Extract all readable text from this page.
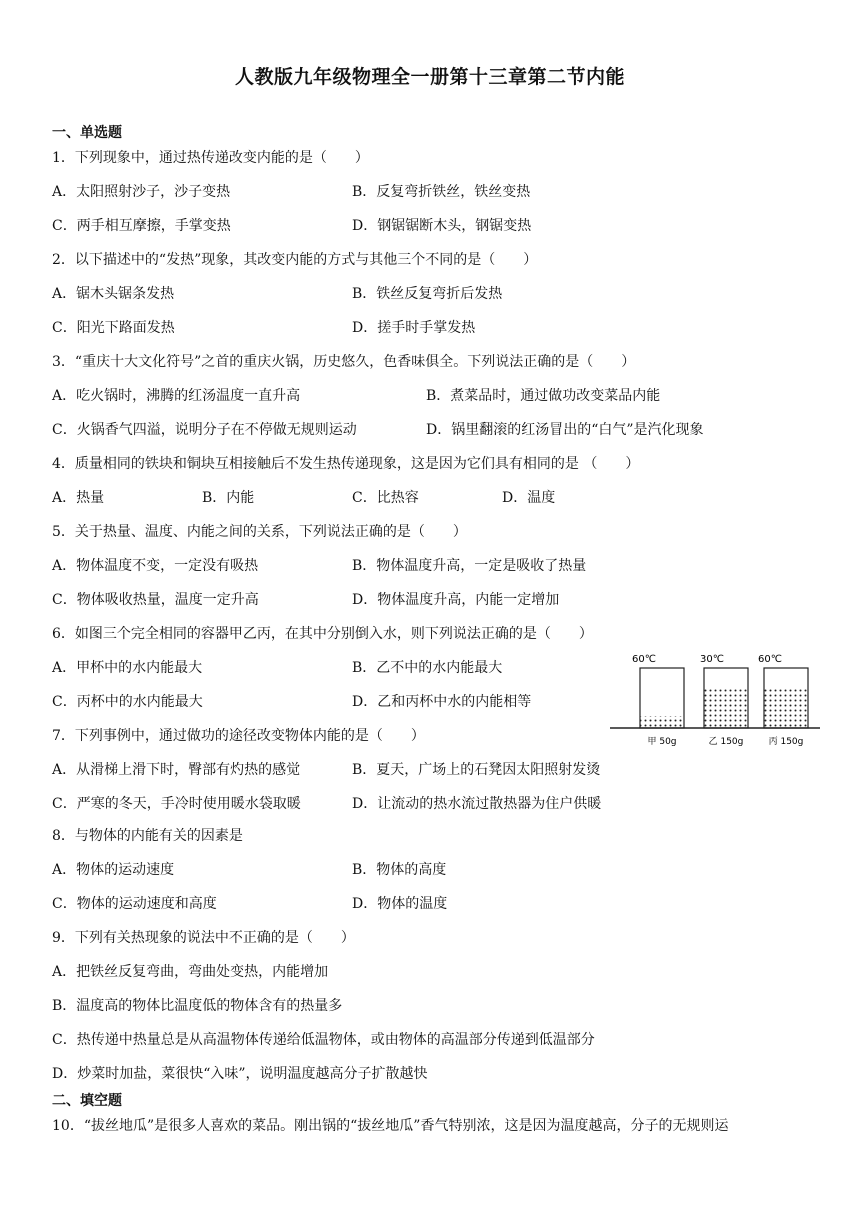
人教版九年级物理全一册第十三章第二节内能
一、单选题
1．下列现象中，通过热传递改变内能的是（　　）
A．太阳照射沙子，沙子变热	B．反复弯折铁丝，铁丝变热
C．两手相互摩擦，手掌变热	D．钢锯锯断木头，钢锯变热
2．以下描述中的“发热”现象，其改变内能的方式与其他三个不同的是（　　）
A．锯木头锯条发热	B．铁丝反复弯折后发热
C．阳光下路面发热	D．搓手时手掌发热
3．“重庆十大文化符号”之首的重庆火锅，历史悠久，色香味俱全。下列说法正确的是（　　）
A．吃火锅时，沸腾的红汤温度一直升高	B．煮菜品时，通过做功改变菜品内能
C．火锅香气四溢，说明分子在不停做无规则运动	D．锅里翻滚的红汤冒出的“白气”是汽化现象
4．质量相同的铁块和铜块互相接触后不发生热传递现象，这是因为它们具有相同的是 （　　）
A．热量	B．内能	C．比热容	D．温度
5．关于热量、温度、内能之间的关系，下列说法正确的是（　　）
A．物体温度不变，一定没有吸热	B．物体温度升高，一定是吸收了热量
C．物体吸收热量，温度一定升高	D．物体温度升高，内能一定增加
6．如图三个完全相同的容器甲乙丙，在其中分别倒入水，则下列说法正确的是（　　）
A．甲杯中的水内能最大	B．乙不中的水内能最大
C．丙杯中的水内能最大	D．乙和丙杯中水的内能相等
60℃
甲 50g
30℃
乙 150g
60℃
丙 150g
7．下列事例中，通过做功的途径改变物体内能的是（　　）
A．从滑梯上滑下时，臀部有灼热的感觉	B．夏天，广场上的石凳因太阳照射发烫
C．严寒的冬天，手冷时使用暖水袋取暖	D．让流动的热水流过散热器为住户供暖
8．与物体的内能有关的因素是
A．物体的运动速度	B．物体的高度
C．物体的运动速度和高度	D．物体的温度
9．下列有关热现象的说法中不正确的是（　　）
A．把铁丝反复弯曲，弯曲处变热，内能增加
B．温度高的物体比温度低的物体含有的热量多
C．热传递中热量总是从高温物体传递给低温物体，或由物体的高温部分传递到低温部分
D．炒菜时加盐，菜很快“入味”，说明温度越高分子扩散越快
二、填空题
10．“拔丝地瓜”是很多人喜欢的菜品。刚出锅的“拔丝地瓜”香气特别浓，这是因为温度越高，分子的无规则运
